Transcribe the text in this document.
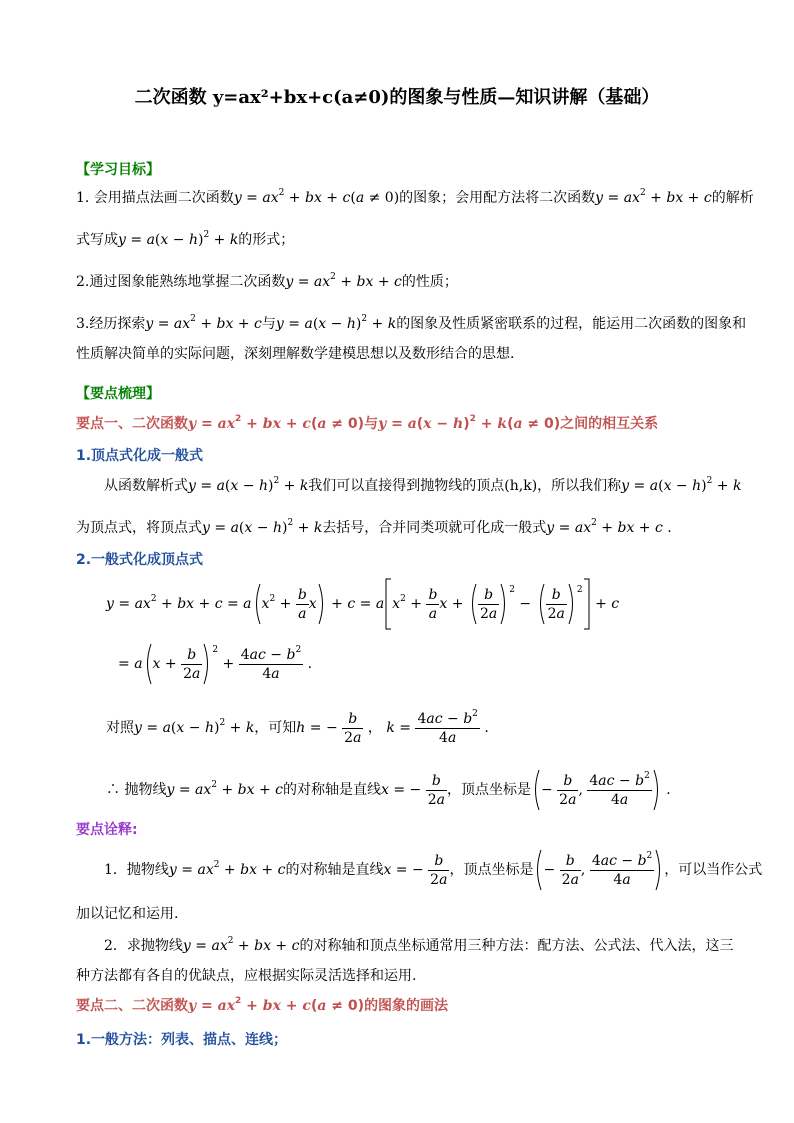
二次函数 y=ax²+bx+c(a≠0)的图象与性质—知识讲解（基础）
【学习目标】
1. 会用描点法画二次函数$y = ax^2$ + bx + c(a ≠ 0)的图象；会用配方法将二次函数$y = ax^2$ + bx + c的解析
式写成$y = a(x - h)^2 + k$的形式；
2.通过图象能熟练地掌握二次函数$y = ax^2$ + bx + c的性质；
3.经历探索$y = ax^2$ + bx + c与$y = a(x - h)^2 + k$的图象及性质紧密联系的过程，能运用二次函数的图象和
性质解决简单的实际问题，深刻理解数学建模思想以及数形结合的思想.
【要点梳理】
要点一、二次函数$y = ax^2$ + bx + c(a ≠ 0)与$y = a(x - h)^2 + k(a \ne 0)$之间的相互关系
1.顶点式化成一般式
从函数解析式$y = a(x - h)^2 + k$我们可以直接得到抛物线的顶点(h,k)，所以我们称$y = a(x - h)^2 + k$
为顶点式，将顶点式$y = a(x - h)^2 + k$去括号，合并同类项就可化成一般式$y = ax^2$ + bx + c .
2.一般式化成顶点式
$y = ax^2$ + bx + c = a $x^2 + \frac{b}{a}$ x + c = a $x^2 + \frac{b}{a}$ $x + \frac{b}{2a} ^2 - \frac{b}{2a} ^2 + c$
= a $x + \frac{b}{2a} ^2 + \frac{4ac - b^2}{4a}$ .
对照$y = a(x - h)^2 + k$，可知h = − $\frac{b}{2a}$ ， $k = \frac{4ac - b^2}{4a}$ .
∴ 抛物线$y = ax^2$ + bx + c的对称轴是直线x = − $\frac{b}{2a}$ ，顶点坐标是 − $\frac{b}{2a}$ , $\frac{4ac - b^2}{4a}$ .
要点诠释:
1．抛物线$y = ax^2$ + bx + c的对称轴是直线x = − $\frac{b}{2a}$ ，顶点坐标是 − $\frac{b}{2a}$ , $\frac{4ac - b^2}{4a}$ ，可以当作公式
加以记忆和运用.
2．求抛物线$y = ax^2$ + bx + c的对称轴和顶点坐标通常用三种方法：配方法、公式法、代入法，这三
种方法都有各自的优缺点，应根据实际灵活选择和运用.
要点二、二次函数$y = ax^2$ + bx + c(a ≠ 0)的图象的画法
1.一般方法：列表、描点、连线；
